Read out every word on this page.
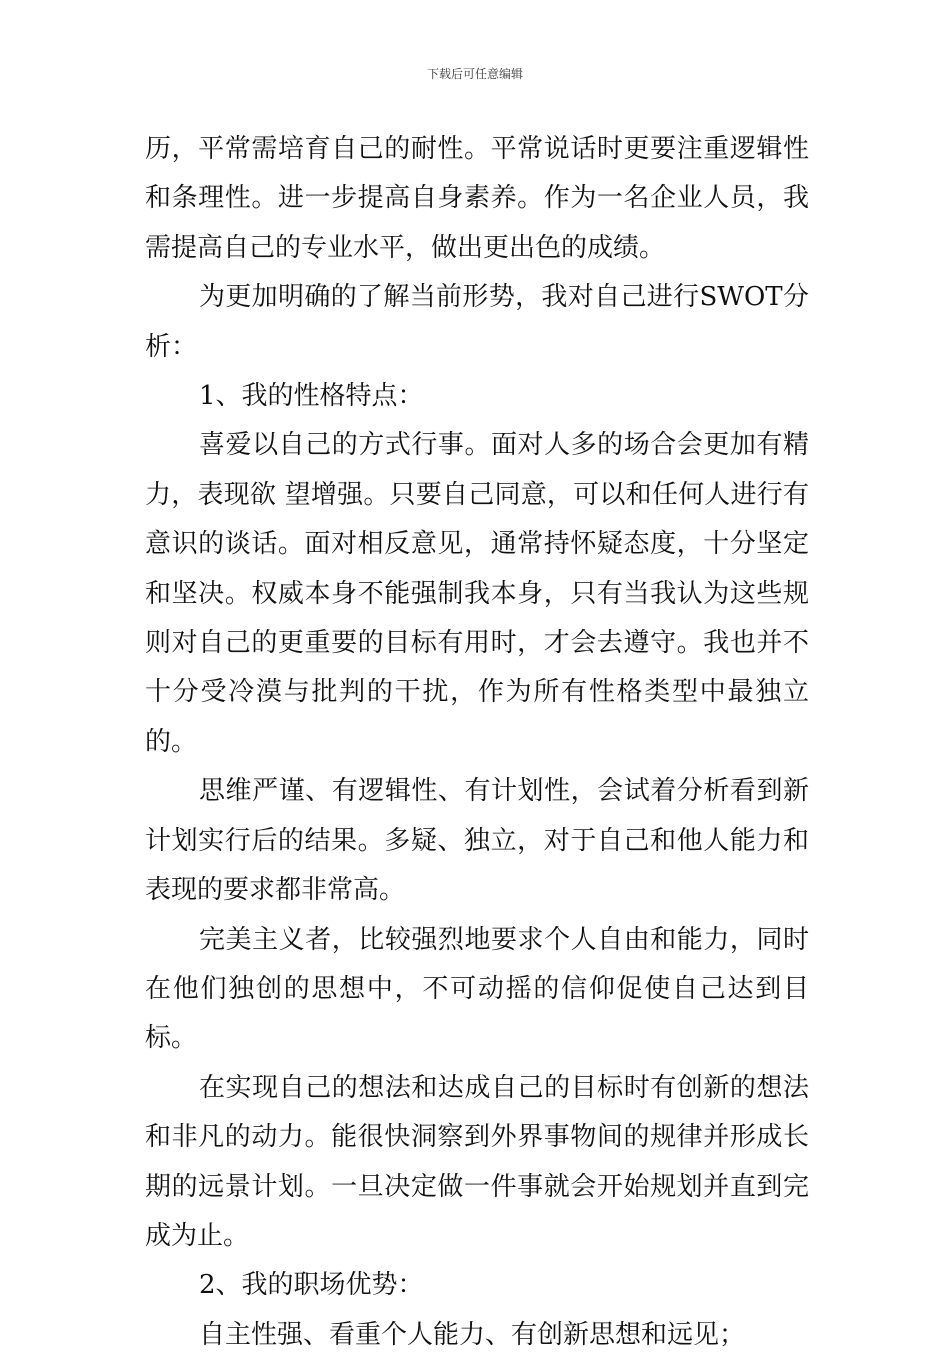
下载后可任意编辑

历，平常需培育自己的耐性。平常说话时更要注重逻辑性和条理性。进一步提高自身素养。作为一名企业人员，我需提高自己的专业水平，做出更出色的成绩。

为更加明确的了解当前形势，我对自己进行SWOT分析：

1、我的性格特点：

喜爱以自己的方式行事。面对人多的场合会更加有精力，表现欲 望增强。只要自己同意，可以和任何人进行有意识的谈话。面对相反意见，通常持怀疑态度，十分坚定和坚决。权威本身不能强制我本身，只有当我认为这些规则对自己的更重要的目标有用时，才会去遵守。我也并不十分受冷漠与批判的干扰，作为所有性格类型中最独立的。

思维严谨、有逻辑性、有计划性，会试着分析看到新计划实行后的结果。多疑、独立，对于自己和他人能力和表现的要求都非常高。

完美主义者，比较强烈地要求个人自由和能力，同时在他们独创的思想中，不可动摇的信仰促使自己达到目标。

在实现自己的想法和达成自己的目标时有创新的想法和非凡的动力。能很快洞察到外界事物间的规律并形成长期的远景计划。一旦决定做一件事就会开始规划并直到完成为止。

2、我的职场优势：

自主性强、看重个人能力、有创新思想和远见；
